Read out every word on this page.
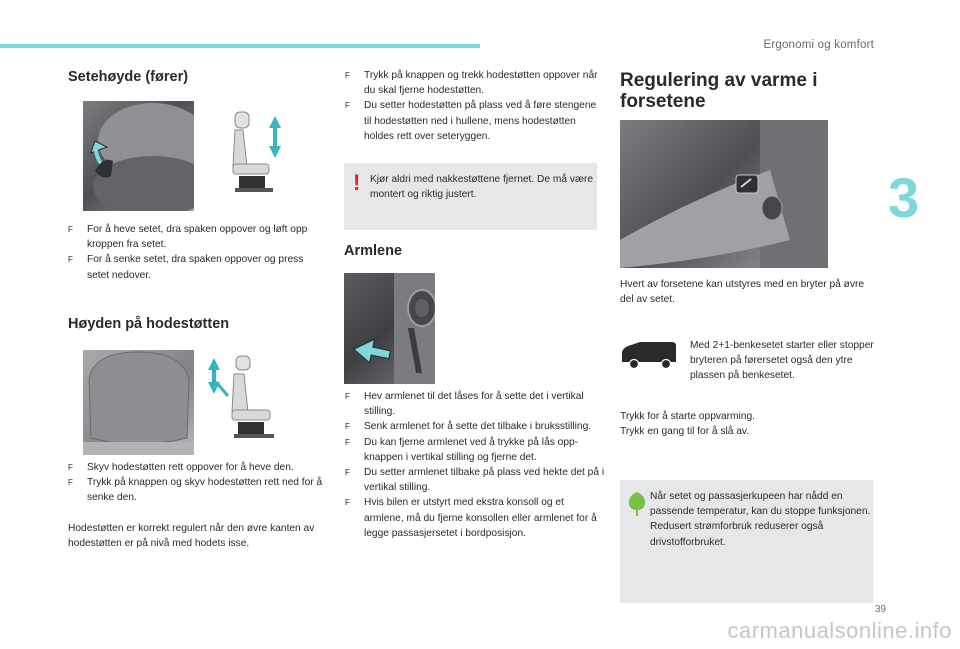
Ergonomi og komfort
3
Setehøyde (fører)
F For å heve setet, dra spaken oppover og løft opp kroppen fra setet.
F For å senke setet, dra spaken oppover og press setet nedover.
Høyden på hodestøtten
F Skyv hodestøtten rett oppover for å heve den.
F Trykk på knappen og skyv hodestøtten rett ned for å senke den.
Hodestøtten er korrekt regulert når den øvre kanten av hodestøtten er på nivå med hodets isse.
F Trykk på knappen og trekk hodestøtten oppover når du skal fjerne hodestøtten.
F Du setter hodestøtten på plass ved å føre stengene til hodestøtten ned i hullene, mens hodestøtten holdes rett over seteryggen.
! Kjør aldri med nakkestøttene fjernet. De må være montert og riktig justert.
Armlene
F Hev armlenet til det låses for å sette det i vertikal stilling.
F Senk armlenet for å sette det tilbake i bruksstilling.
F Du kan fjerne armlenet ved å trykke på lås opp-knappen i vertikal stilling og fjerne det.
F Du setter armlenet tilbake på plass ved hekte det på i vertikal stilling.
F Hvis bilen er utstyrt med ekstra konsoll og et armlene, må du fjerne konsollen eller armlenet for å legge passasjersetet i bordposisjon.
Regulering av varme i forsetene
Hvert av forsetene kan utstyres med en bryter på øvre del av setet.
Med 2+1-benkesetet starter eller stopper bryteren på førersetet også den ytre plassen på benkesetet.
Trykk for å starte oppvarming.
Trykk en gang til for å slå av.
Når setet og passasjerkupeen har nådd en passende temperatur, kan du stoppe funksjonen. Redusert strømforbruk reduserer også drivstofforbruket.
39
carmanualsonline.info
